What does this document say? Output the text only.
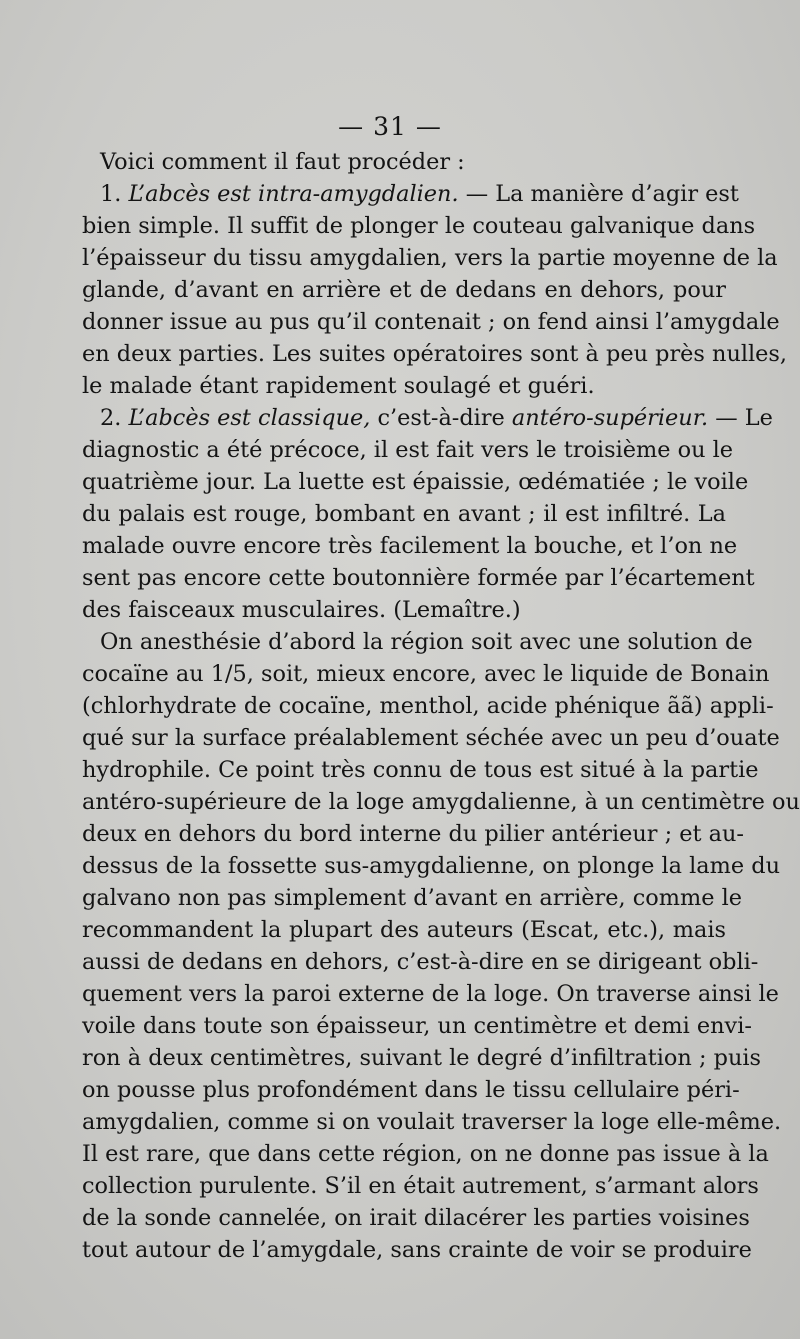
— 31 —
Voici comment il faut procéder :
1. L’abcès est intra-amygdalien. — La manière d’agir est
bien simple. Il suffit de plonger le couteau galvanique dans
l’épaisseur du tissu amygdalien, vers la partie moyenne de la
glande, d’avant en arrière et de dedans en dehors, pour
donner issue au pus qu’il contenait ; on fend ainsi l’amygdale
en deux parties. Les suites opératoires sont à peu près nulles,
le malade étant rapidement soulagé et guéri.
2. L’abcès est classique, c’est-à-dire antéro-supérieur. — Le
diagnostic a été précoce, il est fait vers le troisième ou le
quatrième jour. La luette est épaissie, œdématiée ; le voile
du palais est rouge, bombant en avant ; il est infiltré. La
malade ouvre encore très facilement la bouche, et l’on ne
sent pas encore cette boutonnière formée par l’écartement
des faisceaux musculaires. (Lemaître.)
On anesthésie d’abord la région soit avec une solution de
cocaïne au 1/5, soit, mieux encore, avec le liquide de Bonain
(chlorhydrate de cocaïne, menthol, acide phénique ãã) appli-
qué sur la surface préalablement séchée avec un peu d’ouate
hydrophile. Ce point très connu de tous est situé à la partie
antéro-supérieure de la loge amygdalienne, à un centimètre ou
deux en dehors du bord interne du pilier antérieur ; et au-
dessus de la fossette sus-amygdalienne, on plonge la lame du
galvano non pas simplement d’avant en arrière, comme le
recommandent la plupart des auteurs (Escat, etc.), mais
aussi de dedans en dehors, c’est-à-dire en se dirigeant obli-
quement vers la paroi externe de la loge. On traverse ainsi le
voile dans toute son épaisseur, un centimètre et demi envi-
ron à deux centimètres, suivant le degré d’infiltration ; puis
on pousse plus profondément dans le tissu cellulaire péri-
amygdalien, comme si on voulait traverser la loge elle-même.
Il est rare, que dans cette région, on ne donne pas issue à la
collection purulente. S’il en était autrement, s’armant alors
de la sonde cannelée, on irait dilacérer les parties voisines
tout autour de l’amygdale, sans crainte de voir se produire
